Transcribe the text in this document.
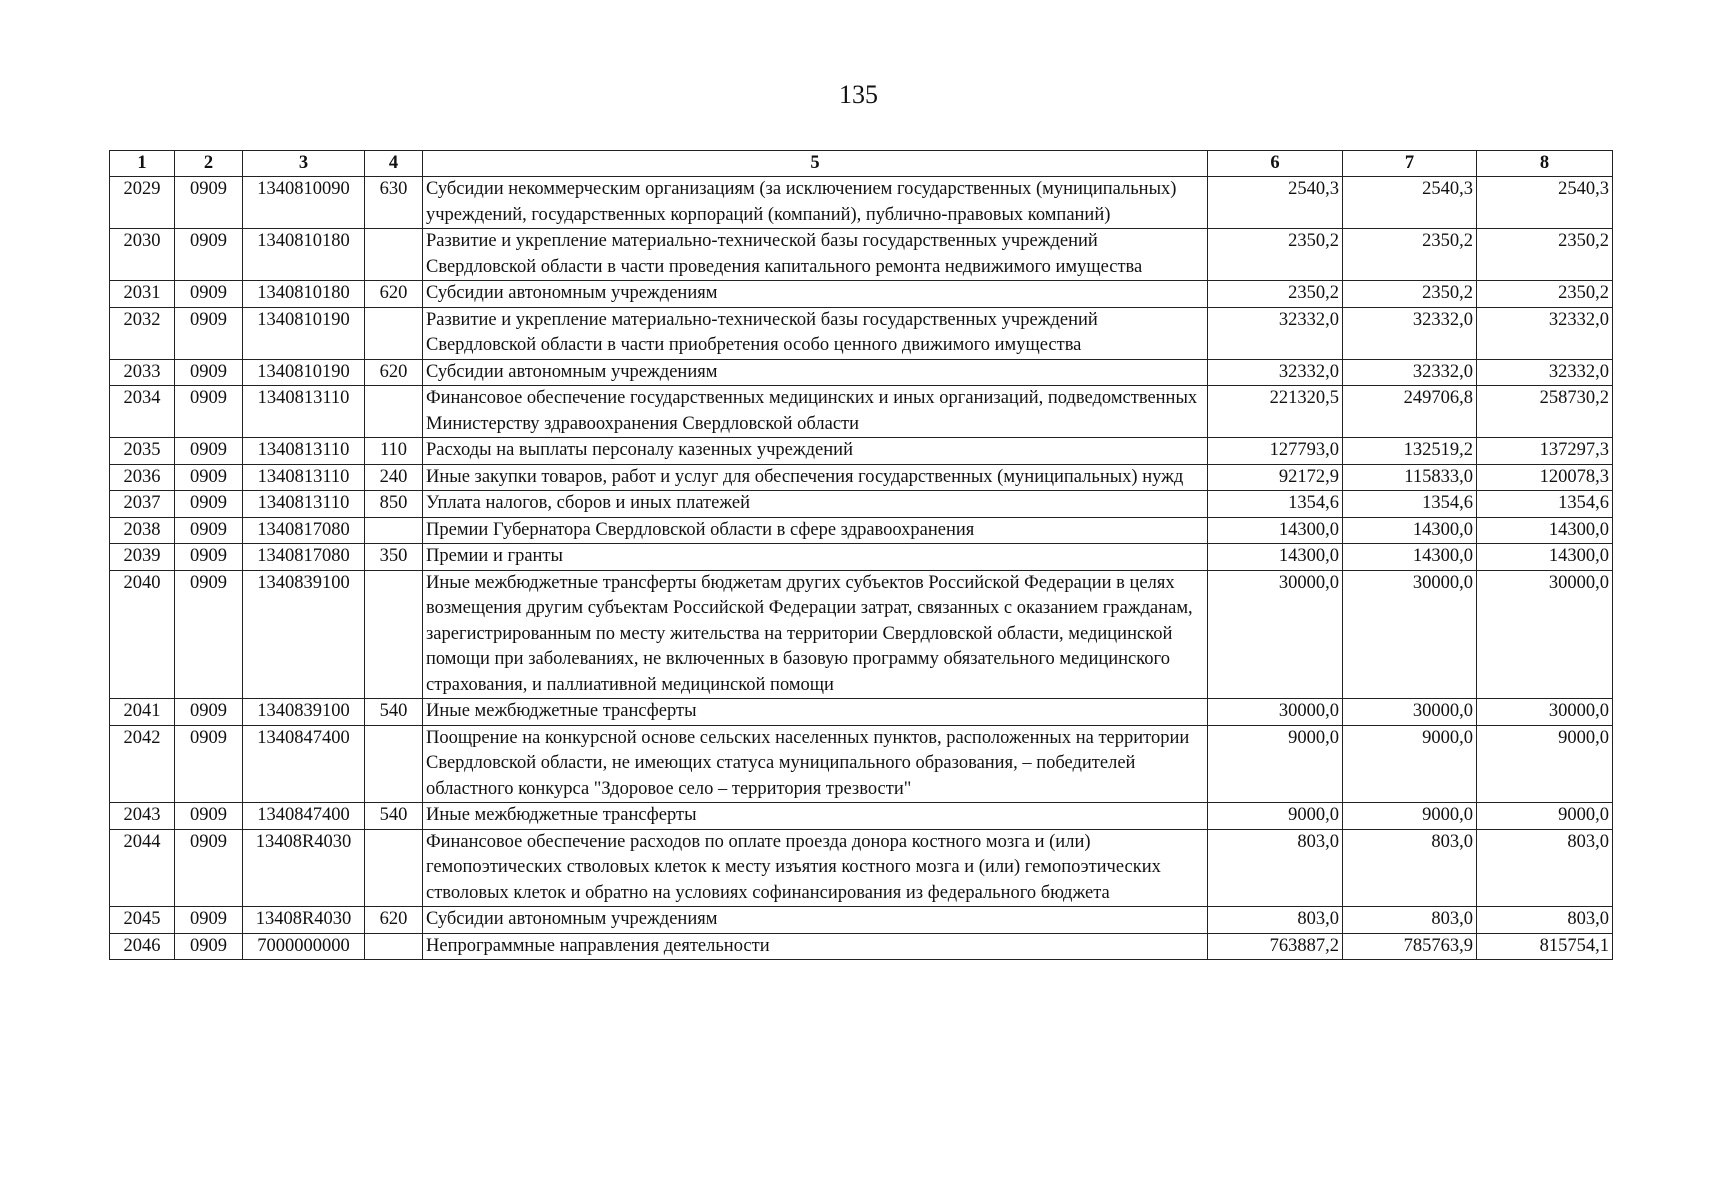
135
1	2	3	4	5	6	7	8
2029	0909	1340810090	630	Субсидии некоммерческим организациям (за исключением государственных (муниципальных) учреждений, государственных корпораций (компаний), публично-правовых компаний)	2540,3	2540,3	2540,3
2030	0909	1340810180		Развитие и укрепление материально-технической базы государственных учреждений Свердловской области в части проведения капитального ремонта недвижимого имущества	2350,2	2350,2	2350,2
2031	0909	1340810180	620	Субсидии автономным учреждениям	2350,2	2350,2	2350,2
2032	0909	1340810190		Развитие и укрепление материально-технической базы государственных учреждений Свердловской области в части приобретения особо ценного движимого имущества	32332,0	32332,0	32332,0
2033	0909	1340810190	620	Субсидии автономным учреждениям	32332,0	32332,0	32332,0
2034	0909	1340813110		Финансовое обеспечение государственных медицинских и иных организаций, подведомственных Министерству здравоохранения Свердловской области	221320,5	249706,8	258730,2
2035	0909	1340813110	110	Расходы на выплаты персоналу казенных учреждений	127793,0	132519,2	137297,3
2036	0909	1340813110	240	Иные закупки товаров, работ и услуг для обеспечения государственных (муниципальных) нужд	92172,9	115833,0	120078,3
2037	0909	1340813110	850	Уплата налогов, сборов и иных платежей	1354,6	1354,6	1354,6
2038	0909	1340817080		Премии Губернатора Свердловской области в сфере здравоохранения	14300,0	14300,0	14300,0
2039	0909	1340817080	350	Премии и гранты	14300,0	14300,0	14300,0
2040	0909	1340839100		Иные межбюджетные трансферты бюджетам других субъектов Российской Федерации в целях возмещения другим субъектам Российской Федерации затрат, связанных с оказанием гражданам, зарегистрированным по месту жительства на территории Свердловской области, медицинской помощи при заболеваниях, не включенных в базовую программу обязательного медицинского страхования, и паллиативной медицинской помощи	30000,0	30000,0	30000,0
2041	0909	1340839100	540	Иные межбюджетные трансферты	30000,0	30000,0	30000,0
2042	0909	1340847400		Поощрение на конкурсной основе сельских населенных пунктов, расположенных на территории Свердловской области, не имеющих статуса муниципального образования, – победителей областного конкурса "Здоровое село – территория трезвости"	9000,0	9000,0	9000,0
2043	0909	1340847400	540	Иные межбюджетные трансферты	9000,0	9000,0	9000,0
2044	0909	13408R4030		Финансовое обеспечение расходов по оплате проезда донора костного мозга и (или) гемопоэтических стволовых клеток к месту изъятия костного мозга и (или) гемопоэтических стволовых клеток и обратно на условиях софинансирования из федерального бюджета	803,0	803,0	803,0
2045	0909	13408R4030	620	Субсидии автономным учреждениям	803,0	803,0	803,0
2046	0909	7000000000		Непрограммные направления деятельности	763887,2	785763,9	815754,1
